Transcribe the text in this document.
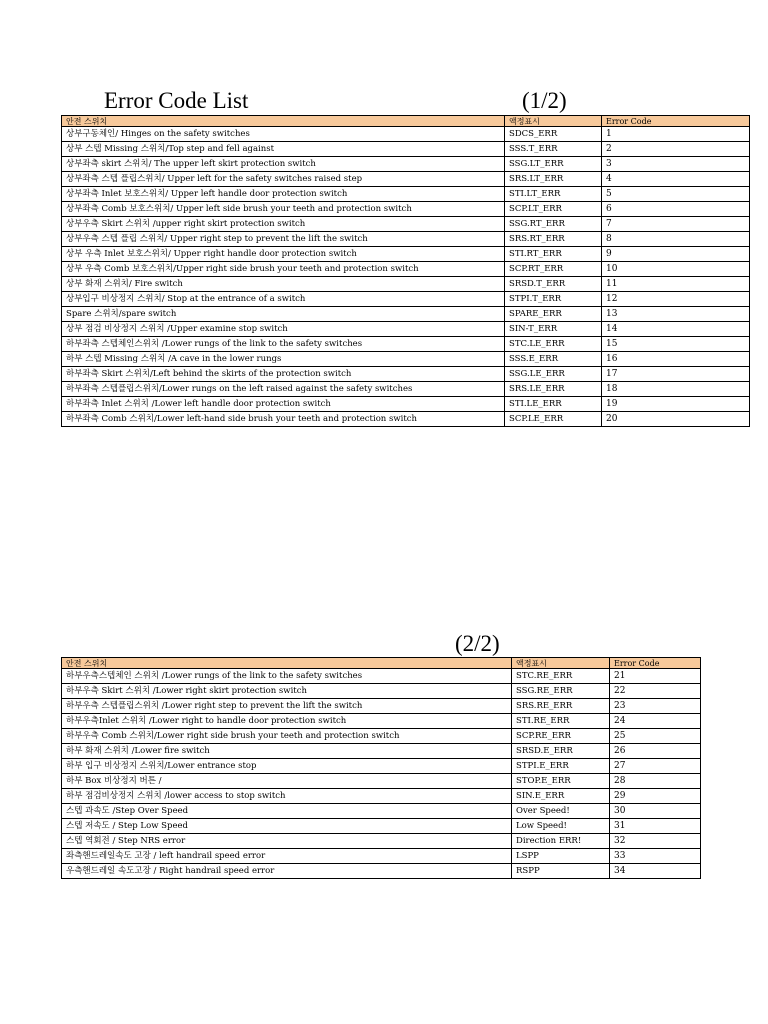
Error Code List	(1/2)
안전 스위치	액정표시	Error Code
상부구동체인/ Hinges on the safety switches	SDCS_ERR	1
상부 스텝 Missing 스위치/Top step and fell against	SSS.T_ERR	2
상부좌측 skirt 스위치/ The upper left skirt protection switch	SSG.LT_ERR	3
상부좌측 스텝 플립스위치/ Upper left for the safety switches raised step	SRS.LT_ERR	4
상부좌측 Inlet 보호스위치/ Upper left handle door protection switch	STI.LT_ERR	5
상부좌측 Comb 보호스위치/ Upper left side brush your teeth and protection switch	SCP.LT_ERR	6
상부우측 Skirt 스위치 /upper right skirt protection switch	SSG.RT_ERR	7
상부우측 스텝 플립 스위치/ Upper right step to prevent the lift the switch	SRS.RT_ERR	8
상부 우측 Inlet 보호스위치/ Upper right handle door protection switch	STI.RT_ERR	9
상부 우측 Comb 보호스위치/Upper right side brush your teeth and protection switch	SCP.RT_ERR	10
상부 화재 스위치/ Fire switch	SRSD.T_ERR	11
상부입구 비상정지 스위치/ Stop at the entrance of a switch	STPI.T_ERR	12
Spare 스위치/spare switch	SPARE_ERR	13
상부 점검 비상정지 스위치 /Upper examine stop switch	SIN-T_ERR	14
하부좌측 스텝체인스위치 /Lower rungs of the link to the safety switches	STC.LE_ERR	15
하부 스텝 Missing 스위치 /A cave in the lower rungs	SSS.E_ERR	16
하부좌측 Skirt 스위치/Left behind the skirts of the protection switch	SSG.LE_ERR	17
하부좌측 스텝플립스위치/Lower rungs on the left raised against the safety switches	SRS.LE_ERR	18
하부좌측 Inlet 스위치 /Lower left handle door protection switch	STI.LE_ERR	19
하부좌측 Comb 스위치/Lower left-hand side brush your teeth and protection switch	SCP.LE_ERR	20
(2/2)
안전 스위치	액정표시	Error Code
하부우측스텝체인 스위치 /Lower rungs of the link to the safety switches	STC.RE_ERR	21
하부우측 Skirt 스위치 /Lower right skirt protection switch	SSG.RE_ERR	22
하부우측 스텝플립스위치 /Lower right step to prevent the lift the switch	SRS.RE_ERR	23
하부우측Inlet 스위치 /Lower right to handle door protection switch	STI.RE_ERR	24
하부우측 Comb 스위치/Lower right side brush your teeth and protection switch	SCP.RE_ERR	25
하부 화재 스위치 /Lower fire switch	SRSD.E_ERR	26
하부 입구 비상정지 스위치/Lower entrance stop	STPI.E_ERR	27
하부 Box 비상정지 버튼 /	STOP.E_ERR	28
하부 점검비상정지 스위치 /lower access to stop switch	SIN.E_ERR	29
스텝 과속도 /Step Over Speed	Over Speed!	30
스텝 저속도 / Step Low Speed	Low Speed!	31
스텝 역회전 / Step NRS error	Direction ERR!	32
좌측핸드레일속도 고장 / left handrail speed error	LSPP	33
우측핸드레일 속도고장 / Right handrail speed error	RSPP	34
